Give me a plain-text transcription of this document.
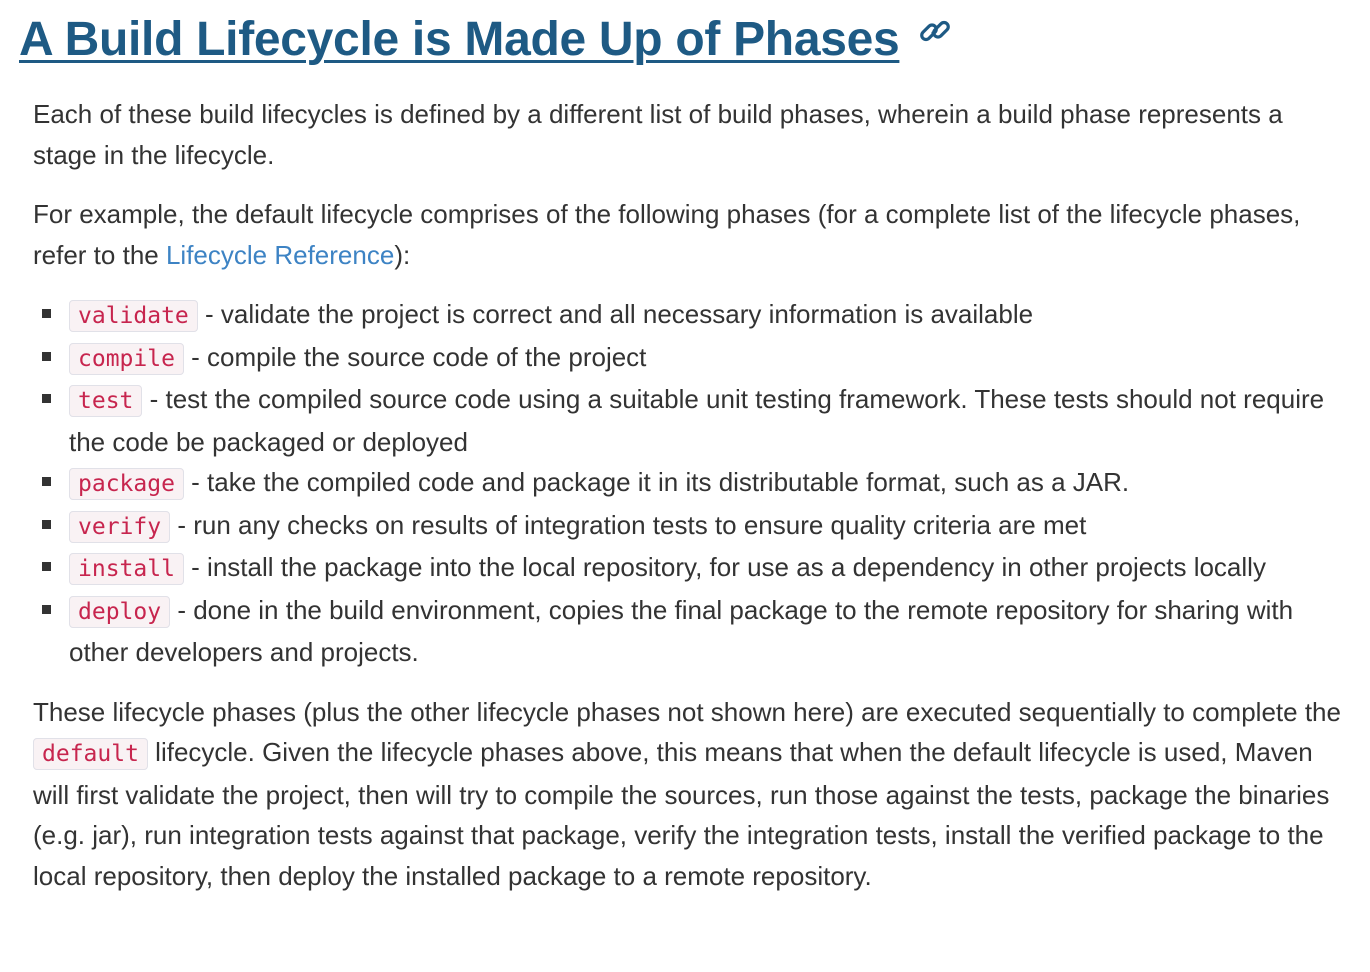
A Build Lifecycle is Made Up of Phases

Each of these build lifecycles is defined by a different list of build phases, wherein a build phase represents a stage in the lifecycle.

For example, the default lifecycle comprises of the following phases (for a complete list of the lifecycle phases, refer to the Lifecycle Reference):

validate - validate the project is correct and all necessary information is available
compile - compile the source code of the project
test - test the compiled source code using a suitable unit testing framework. These tests should not require the code be packaged or deployed
package - take the compiled code and package it in its distributable format, such as a JAR.
verify - run any checks on results of integration tests to ensure quality criteria are met
install - install the package into the local repository, for use as a dependency in other projects locally
deploy - done in the build environment, copies the final package to the remote repository for sharing with other developers and projects.

These lifecycle phases (plus the other lifecycle phases not shown here) are executed sequentially to complete the default lifecycle. Given the lifecycle phases above, this means that when the default lifecycle is used, Maven will first validate the project, then will try to compile the sources, run those against the tests, package the binaries (e.g. jar), run integration tests against that package, verify the integration tests, install the verified package to the local repository, then deploy the installed package to a remote repository.
